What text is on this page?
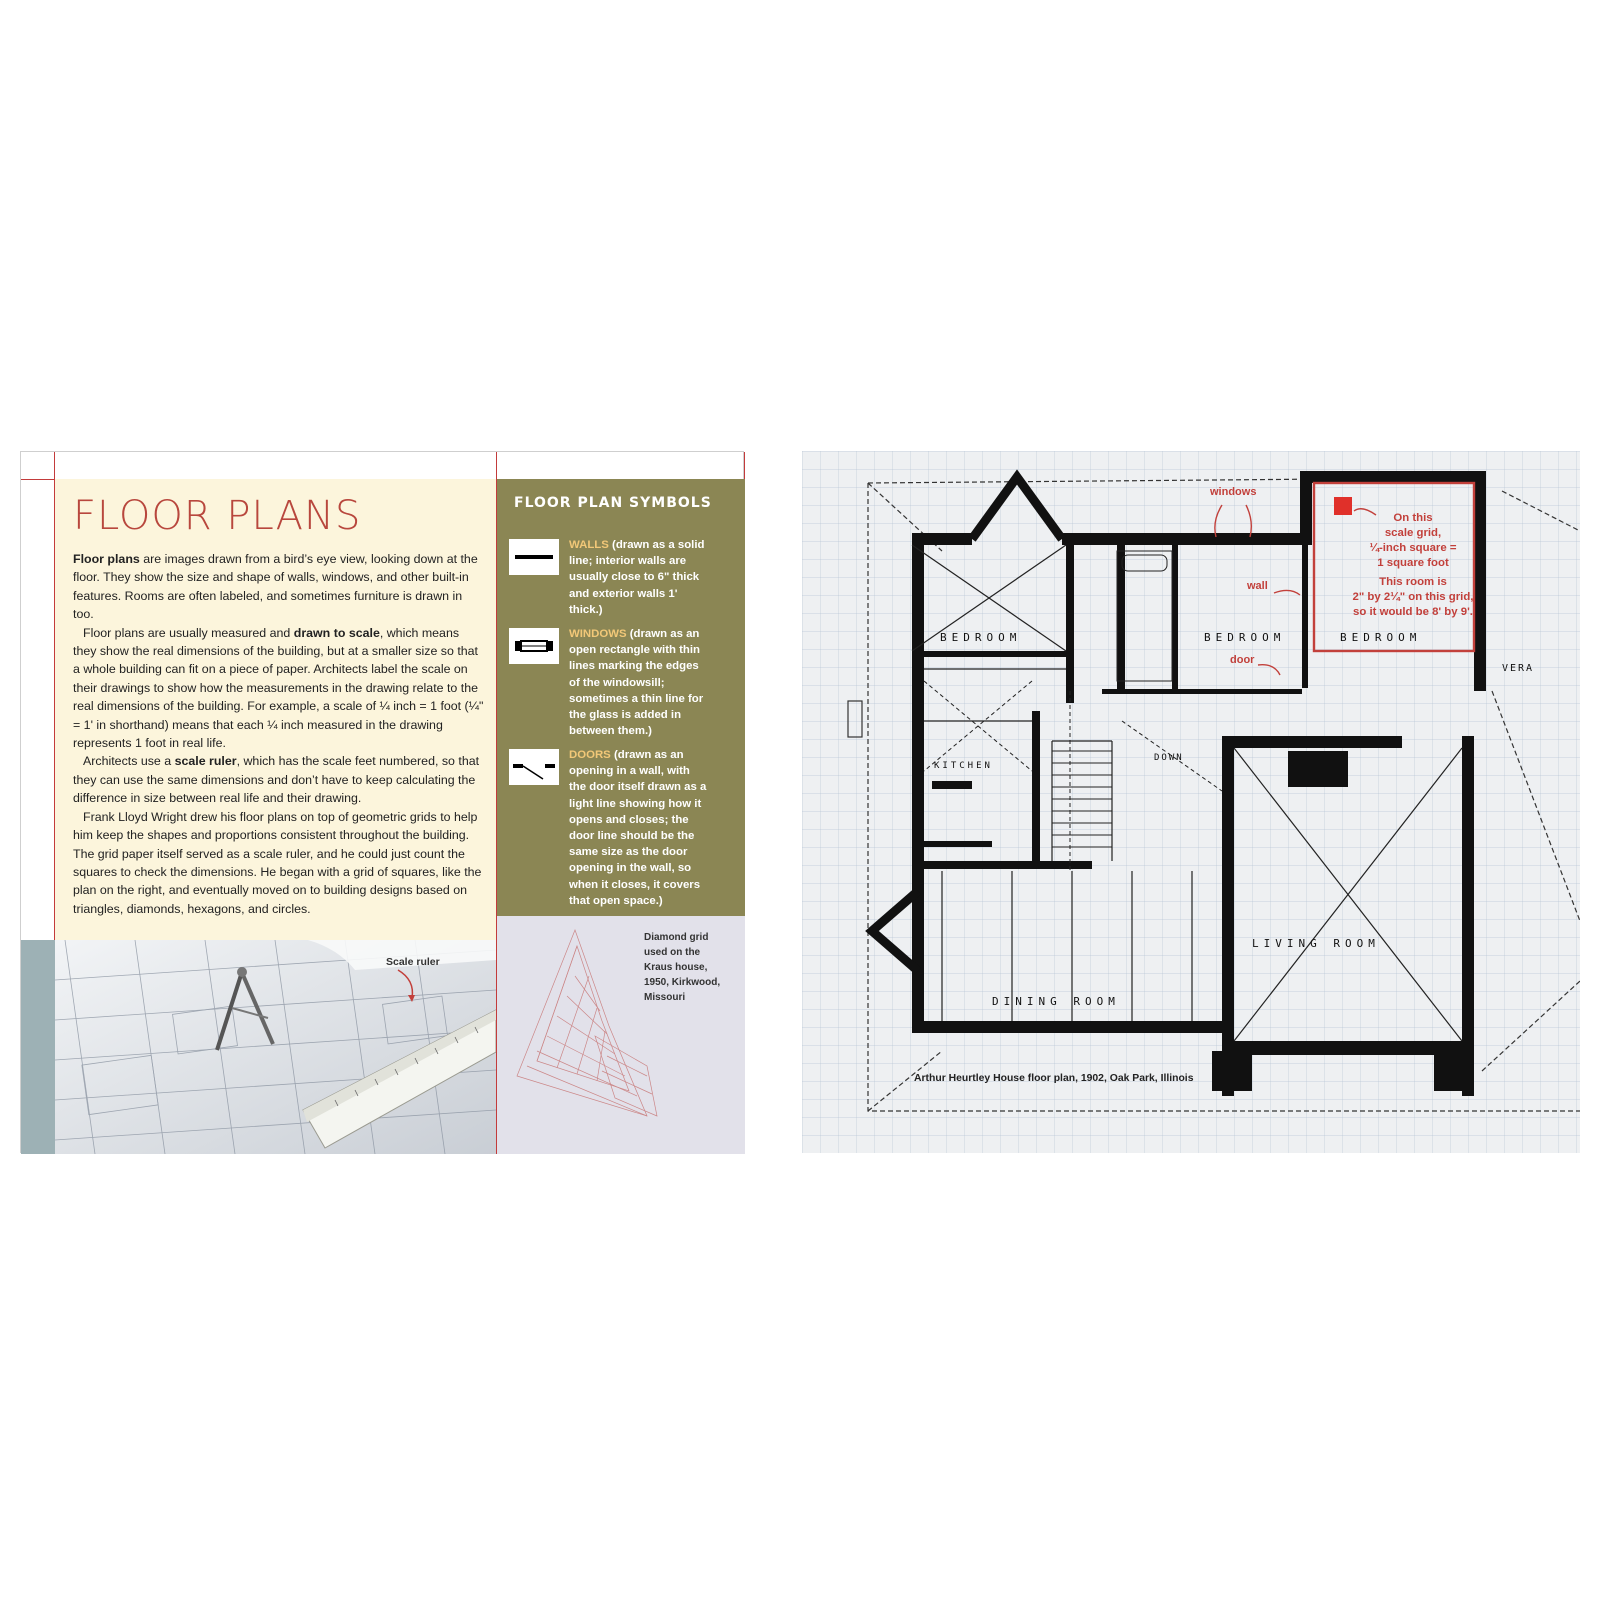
FLOOR PLANS

Floor plans are images drawn from a bird’s eye view, looking down at the floor. They show the size and shape of walls, windows, and other built-in features. Rooms are often labeled, and sometimes furniture is drawn in too.

Floor plans are usually measured and drawn to scale, which means they show the real dimensions of the building, but at a smaller size so that a whole building can fit on a piece of paper. Architects label the scale on their drawings to show how the measurements in the drawing relate to the real dimensions of the building. For example, a scale of ¼ inch = 1 foot (¼" = 1' in shorthand) means that each ¼ inch measured in the drawing represents 1 foot in real life.

Architects use a scale ruler, which has the scale feet numbered, so that they can use the same dimensions and don’t have to keep calculating the difference in size between real life and their drawing.

Frank Lloyd Wright drew his floor plans on top of geometric grids to help him keep the shapes and proportions consistent throughout the building. The grid paper itself served as a scale ruler, and he could just count the squares to check the dimensions. He began with a grid of squares, like the plan on the right, and eventually moved on to building designs based on triangles, diamonds, hexagons, and circles.

FLOOR PLAN SYMBOLS
WALLS (drawn as a solid line; interior walls are usually close to 6" thick and exterior walls 1' thick.)
WINDOWS (drawn as an open rectangle with thin lines marking the edges of the windowsill; sometimes a thin line for the glass is added in between them.)
DOORS (drawn as an opening in a wall, with the door itself drawn as a light line showing how it opens and closes; the door line should be the same size as the door opening in the wall, so when it closes, it covers that open space.)
Scale ruler
Diamond grid
used on the
Kraus house,
1950, Kirkwood,
Missouri
BEDROOM	BEDROOM	BEDROOM
KITCHEN
DOWN
LIVING ROOM
DINING ROOM
VERA
windows
wall
door
On this
scale grid,
¼-inch square =
1 square foot
This room is
2" by 2¼" on this grid,
so it would be 8' by 9'.
Arthur Heurtley House floor plan, 1902, Oak Park, Illinois
